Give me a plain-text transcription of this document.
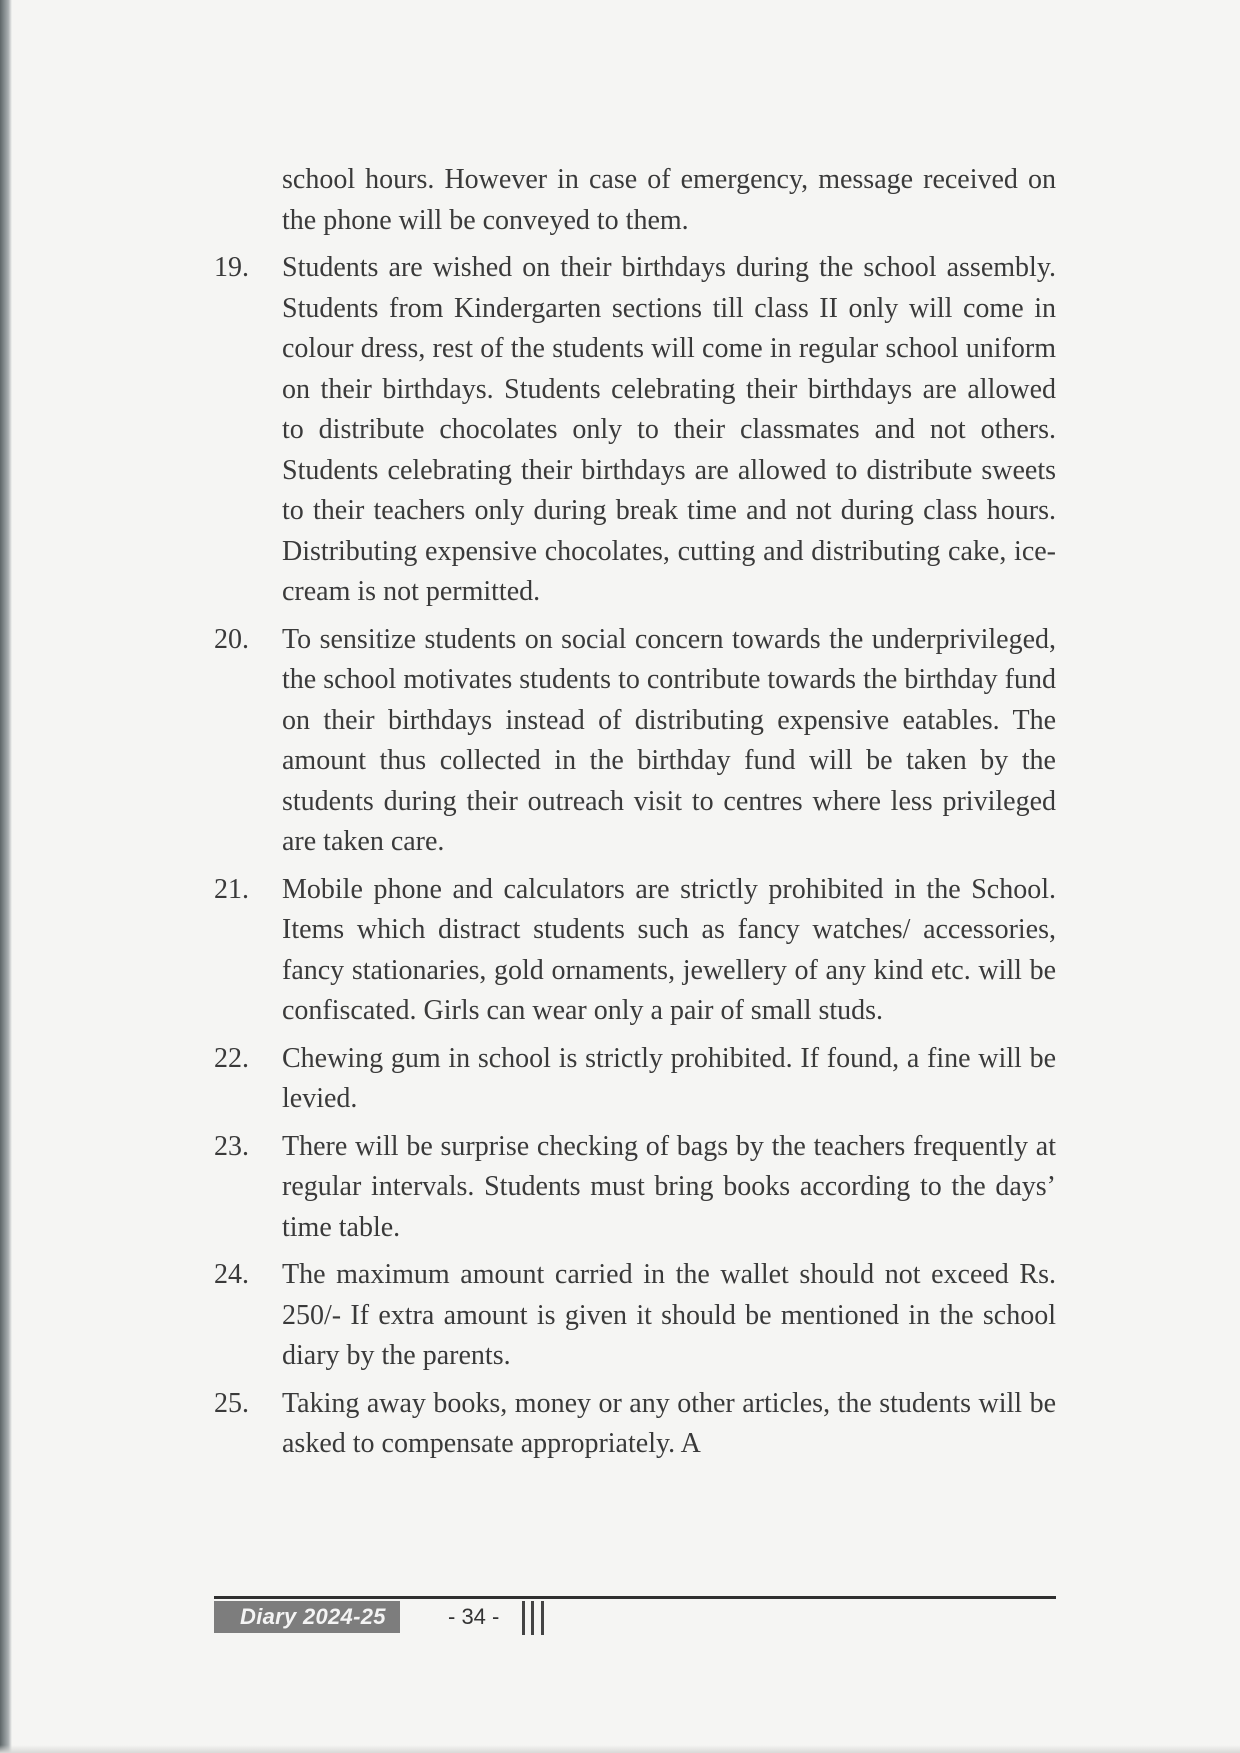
school hours. However in case of emergency, message received on the phone will be conveyed to them.

19. Students are wished on their birthdays during the school assembly. Students from Kindergarten sections till class II only will come in colour dress, rest of the students will come in regular school uniform on their birthdays. Students celebrating their birthdays are allowed to distribute chocolates only to their classmates and not others. Students celebrating their birthdays are allowed to distribute sweets to their teachers only during break time and not during class hours. Distributing expensive chocolates, cutting and distributing cake, ice-cream is not permitted.
20. To sensitize students on social concern towards the underprivileged, the school motivates students to contribute towards the birthday fund on their birthdays instead of distributing expensive eatables. The amount thus collected in the birthday fund will be taken by the students during their outreach visit to centres where less privileged are taken care.
21. Mobile phone and calculators are strictly prohibited in the School. Items which distract students such as fancy watches/ accessories, fancy stationaries, gold ornaments, jewellery of any kind etc. will be confiscated. Girls can wear only a pair of small studs.
22. Chewing gum in school is strictly prohibited. If found, a fine will be levied.
23. There will be surprise checking of bags by the teachers frequently at regular intervals. Students must bring books according to the days’ time table.
24. The maximum amount carried in the wallet should not exceed Rs. 250/- If extra amount is given it should be mentioned in the school diary by the parents.
25. Taking away books, money or any other articles, the students will be asked to compensate appropriately. A
Diary 2024-25	- 34 -
